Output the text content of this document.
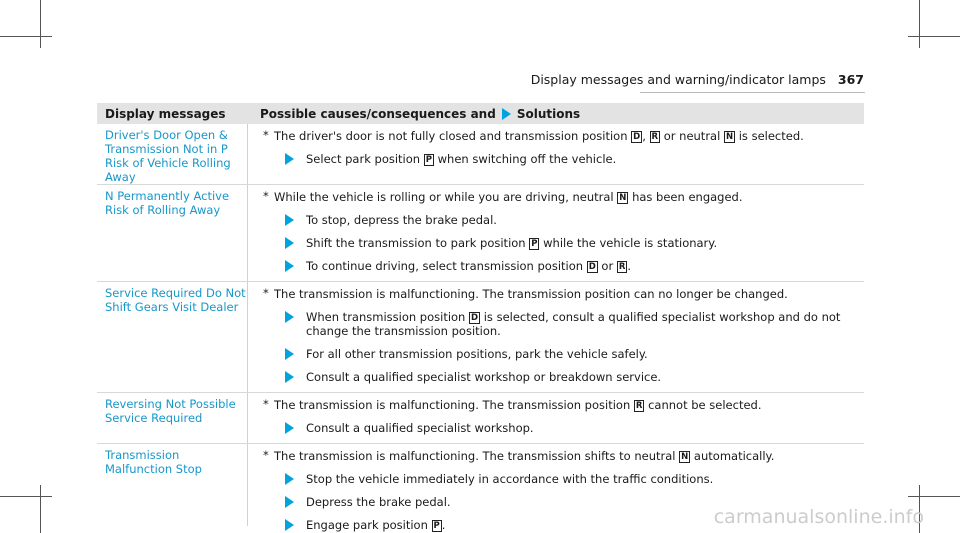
Display messages and warning/indicator lamps 367
Display messages	Possible causes/consequences and Solutions
Driver's Door Open & Transmission Not in P Risk of Vehicle Rolling Away
* The driver's door is not fully closed and transmission position D , R or neutral N is selected.
Select park position P when switching off the vehicle.
N Permanently Active Risk of Rolling Away
* While the vehicle is rolling or while you are driving, neutral N has been engaged.
To stop, depress the brake pedal.
Shift the transmission to park position P while the vehicle is stationary.
To continue driving, select transmission position D or R .
Service Required Do Not Shift Gears Visit Dealer
* The transmission is malfunctioning. The transmission position can no longer be changed.
When transmission position D is selected, consult a qualified specialist workshop and do not change the transmission position.
For all other transmission positions, park the vehicle safely.
Consult a qualified specialist workshop or breakdown service.
Reversing Not Possible Service Required
* The transmission is malfunctioning. The transmission position R cannot be selected.
Consult a qualified specialist workshop.
Transmission Malfunction Stop
* The transmission is malfunctioning. The transmission shifts to neutral N automatically.
Stop the vehicle immediately in accordance with the traffic conditions.
Depress the brake pedal.
Engage park position P .	carmanualsonline.info
